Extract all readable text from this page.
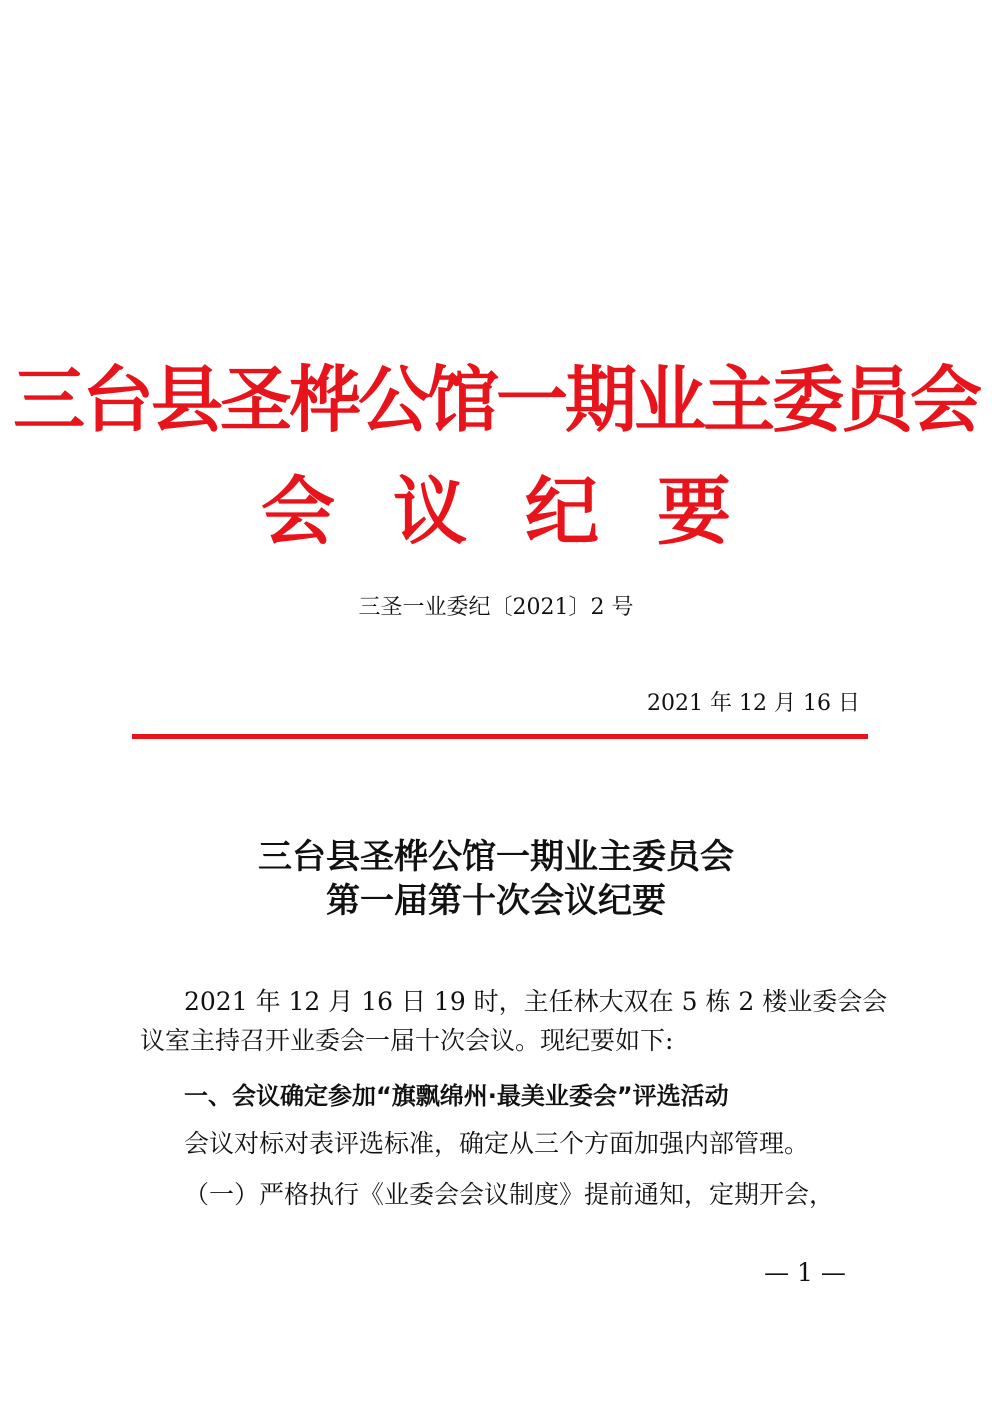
三台县圣桦公馆一期业主委员会
会议纪要
三圣一业委纪〔2021〕2 号
2021 年 12 月 16 日
三台县圣桦公馆一期业主委员会
第一届第十次会议纪要
2021 年 12 月 16 日 19 时，主任林大双在 5 栋 2 楼业委会会
议室主持召开业委会一届十次会议。现纪要如下:
一、会议确定参加“旗飘绵州·最美业委会”评选活动
会议对标对表评选标准，确定从三个方面加强内部管理。
（一）严格执行《业委会会议制度》提前通知，定期开会，
— 1 —
